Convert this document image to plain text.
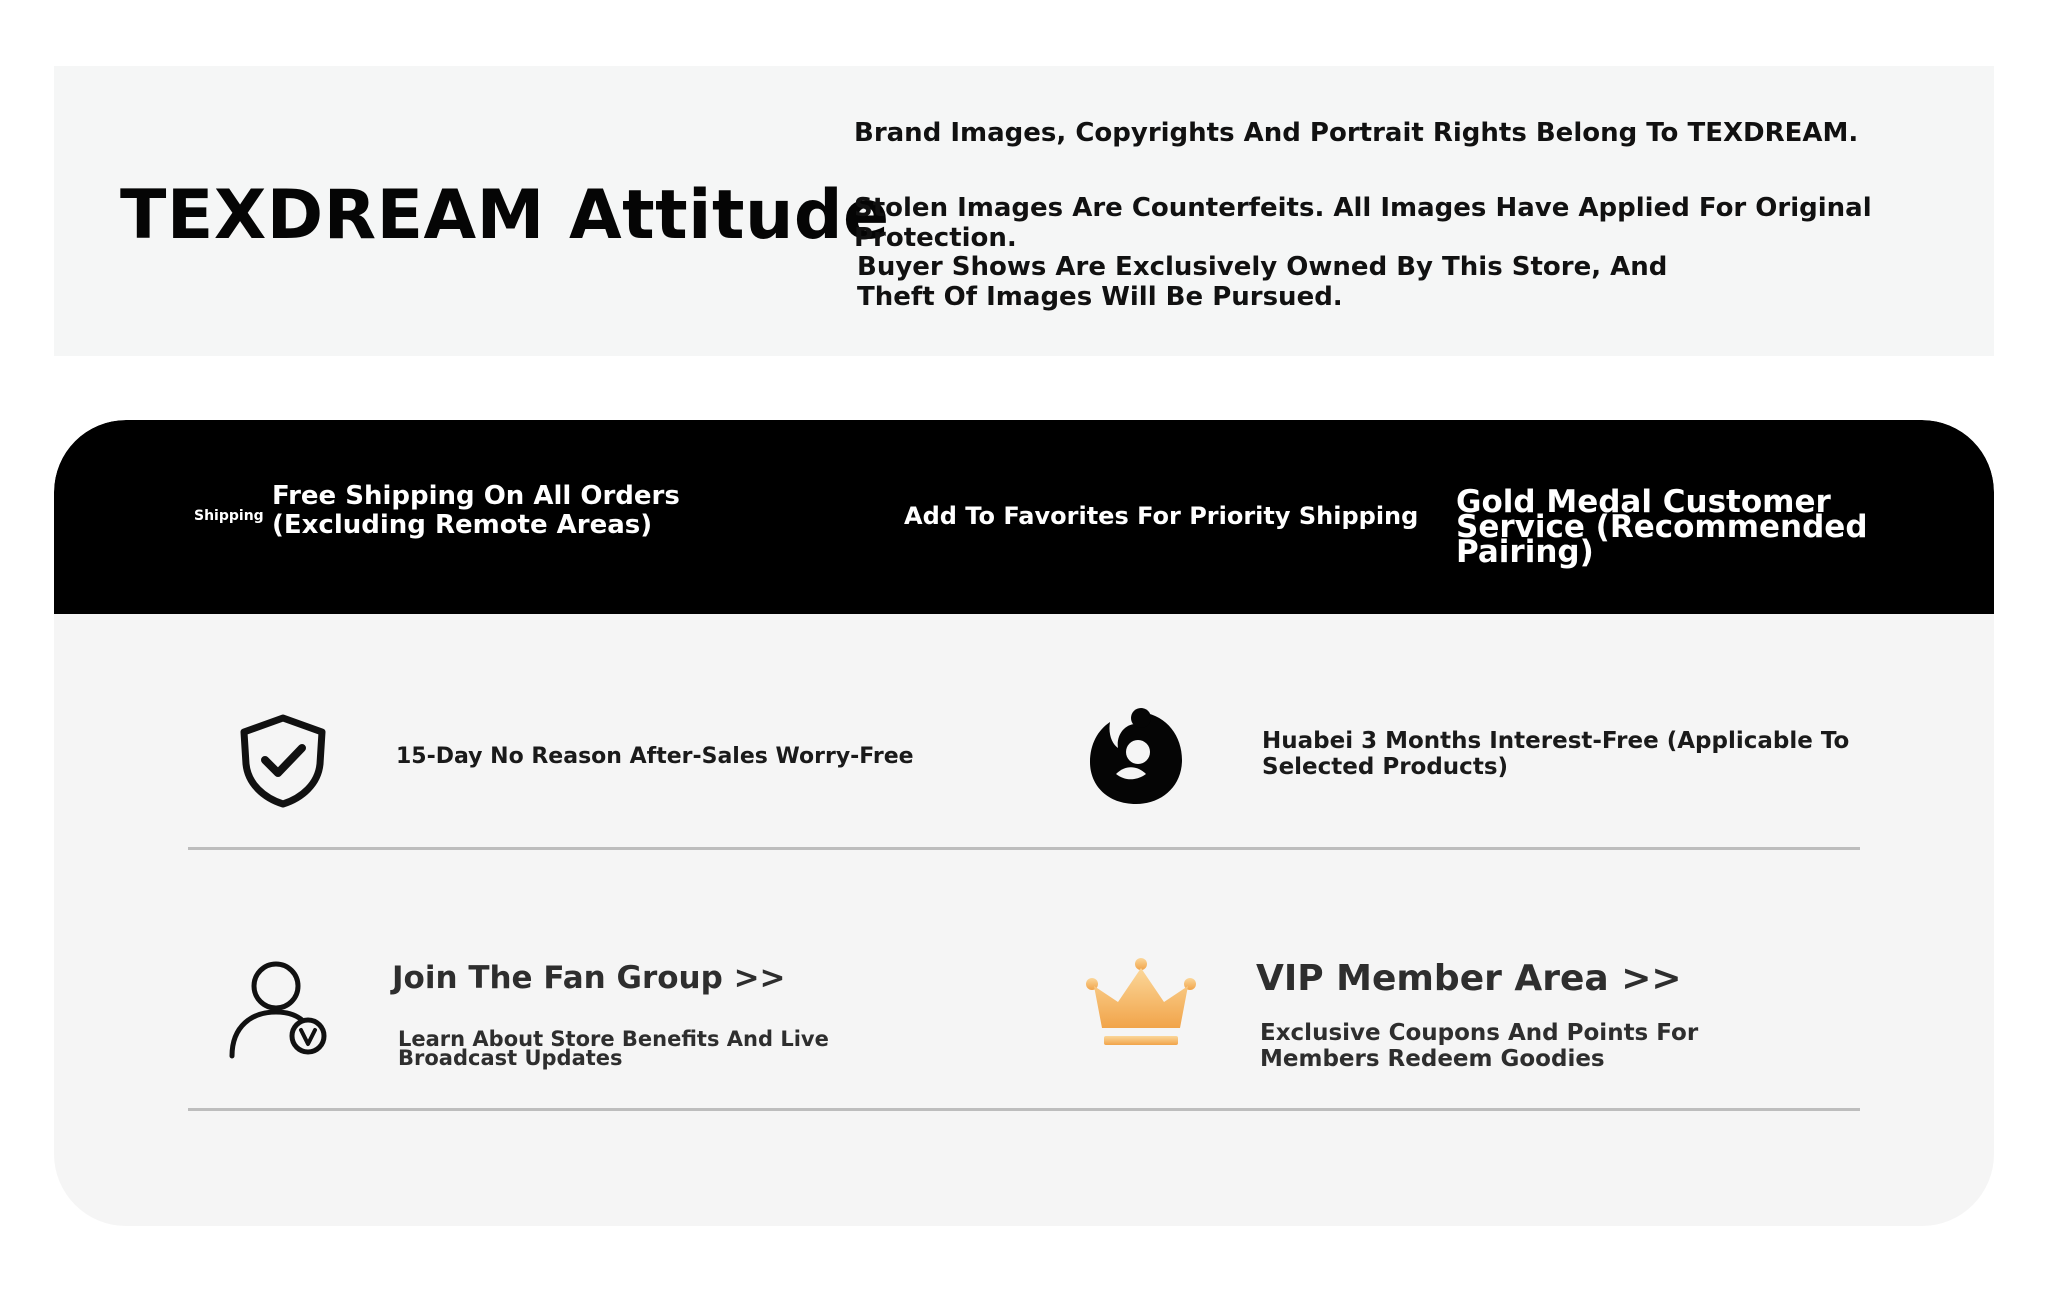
TEXDREAM Attitude

Brand Images, Copyrights And Portrait Rights Belong To TEXDREAM.

Stolen Images Are Counterfeits. All Images Have Applied For Original Protection.

Buyer Shows Are Exclusively Owned By This Store, And Theft Of Images Will Be Pursued.

Shipping

Free Shipping On All Orders (Excluding Remote Areas)	Add To Favorites For Priority Shipping Gold Medal Customer Service (Recommended Pairing)

15-Day No Reason After-Sales Worry-Free

Huabei 3 Months Interest-Free (Applicable To Selected Products)

Join The Fan Group >>

Learn About Store Benefits And Live Broadcast Updates

VIP Member Area >>

Exclusive Coupons And Points For Members Redeem Goodies
